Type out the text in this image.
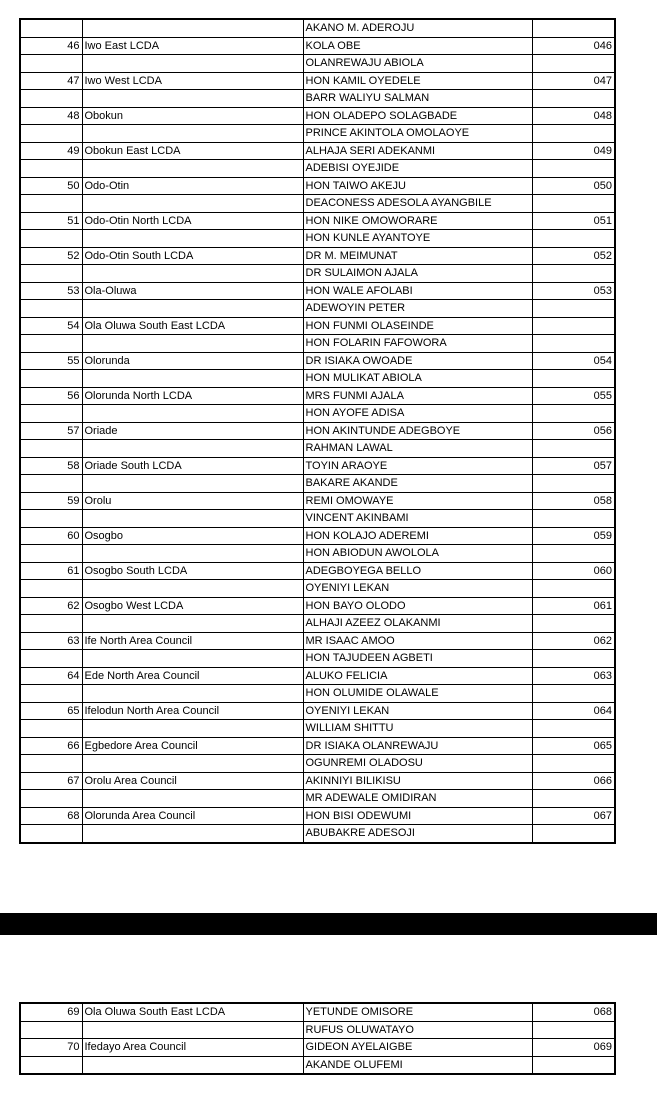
		AKANO M. ADEROJU	
46	Iwo East LCDA	KOLA OBE	046
		OLANREWAJU ABIOLA	
47	Iwo West LCDA	HON KAMIL OYEDELE	047
		BARR WALIYU SALMAN	
48	Obokun	HON OLADEPO SOLAGBADE	048
		PRINCE AKINTOLA OMOLAOYE	
49	Obokun East LCDA	ALHAJA SERI ADEKANMI	049
		ADEBISI OYEJIDE	
50	Odo-Otin	HON TAIWO AKEJU	050
		DEACONESS ADESOLA AYANGBILE	
51	Odo-Otin North LCDA	HON NIKE OMOWORARE	051
		HON KUNLE AYANTOYE	
52	Odo-Otin South LCDA	DR M. MEIMUNAT	052
		DR SULAIMON AJALA	
53	Ola-Oluwa	HON WALE AFOLABI	053
		ADEWOYIN PETER	
54	Ola Oluwa South East LCDA	HON FUNMI OLASEINDE	
		HON FOLARIN FAFOWORA	
55	Olorunda	DR ISIAKA OWOADE	054
		HON MULIKAT ABIOLA	
56	Olorunda North LCDA	MRS FUNMI AJALA	055
		HON AYOFE ADISA	
57	Oriade	HON AKINTUNDE ADEGBOYE	056
		RAHMAN LAWAL	
58	Oriade South LCDA	TOYIN ARAOYE	057
		BAKARE AKANDE	
59	Orolu	REMI OMOWAYE	058
		VINCENT AKINBAMI	
60	Osogbo	HON KOLAJO ADEREMI	059
		HON ABIODUN AWOLOLA	
61	Osogbo South LCDA	ADEGBOYEGA BELLO	060
		OYENIYI LEKAN	
62	Osogbo West LCDA	HON BAYO OLODO	061
		ALHAJI AZEEZ OLAKANMI	
63	Ife North Area Council	MR ISAAC AMOO	062
		HON TAJUDEEN AGBETI	
64	Ede North Area Council	ALUKO FELICIA	063
		HON OLUMIDE OLAWALE	
65	Ifelodun North Area Council	OYENIYI LEKAN	064
		WILLIAM SHITTU	
66	Egbedore Area Council	DR ISIAKA OLANREWAJU	065
		OGUNREMI OLADOSU	
67	Orolu Area Council	AKINNIYI BILIKISU	066
		MR ADEWALE OMIDIRAN	
68	Olorunda Area Council	HON BISI ODEWUMI	067
		ABUBAKRE ADESOJI	
69	Ola Oluwa South East LCDA	YETUNDE OMISORE	068
		RUFUS OLUWATAYO	
70	Ifedayo Area Council	GIDEON AYELAIGBE	069
		AKANDE OLUFEMI	
